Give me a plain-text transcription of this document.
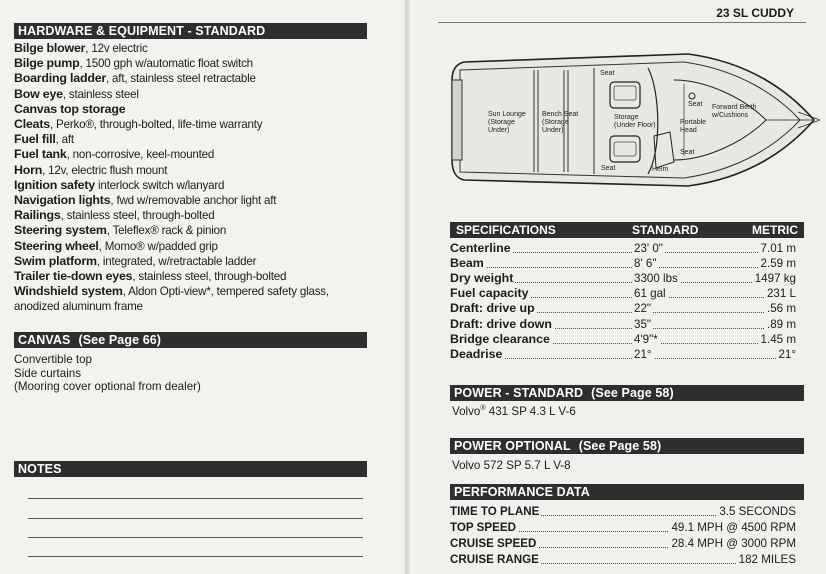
HARDWARE & EQUIPMENT - STANDARD
Bilge blower, 12v electric
Bilge pump, 1500 gph w/automatic float switch
Boarding ladder, aft, stainless steel retractable
Bow eye, stainless steel
Canvas top storage
Cleats, Perko®, through-bolted, life-time warranty
Fuel fill, aft
Fuel tank, non-corrosive, keel-mounted
Horn, 12v, electric flush mount
Ignition safety interlock switch w/lanyard
Navigation lights, fwd w/removable anchor light aft
Railings, stainless steel, through-bolted
Steering system, Teleflex® rack & pinion
Steering wheel, Momo® w/padded grip
Swim platform, integrated, w/retractable ladder
Trailer tie-down eyes, stainless steel, through-bolted
Windshield system, Aldon Opti-view*, tempered safety glass, anodized aluminum frame
CANVAS (See Page 66)
Convertible top
Side curtains
(Mooring cover optional from dealer)
NOTES
23 SL CUDDY
Seat
Sun Lounge (Storage Under)
Bench Seat (Storage Under)
Storage (Under Floor)
Seat	Helm
Seat
Portable Head
Seat Forward Berth w/Cushions
SPECIFICATIONS	STANDARD	METRIC
Centerline	23' 0"	7.01 m
Beam	8' 6"	2.59 m
Dry weight	3300 lbs	1497 kg
Fuel capacity	61 gal	231 L
Draft: drive up	22"	.56 m
Draft: drive down	35"	.89 m
Bridge clearance	4'9"*	1.45 m
Deadrise	21°	21°
POWER - STANDARD (See Page 58)
Volvo® 431 SP 4.3 L V-6
POWER OPTIONAL (See Page 58)
Volvo 572 SP 5.7 L V-8
PERFORMANCE DATA
TIME TO PLANE	3.5 SECONDS
TOP SPEED	49.1 MPH @ 4500 RPM
CRUISE SPEED	28.4 MPH @ 3000 RPM
CRUISE RANGE	182 MILES
